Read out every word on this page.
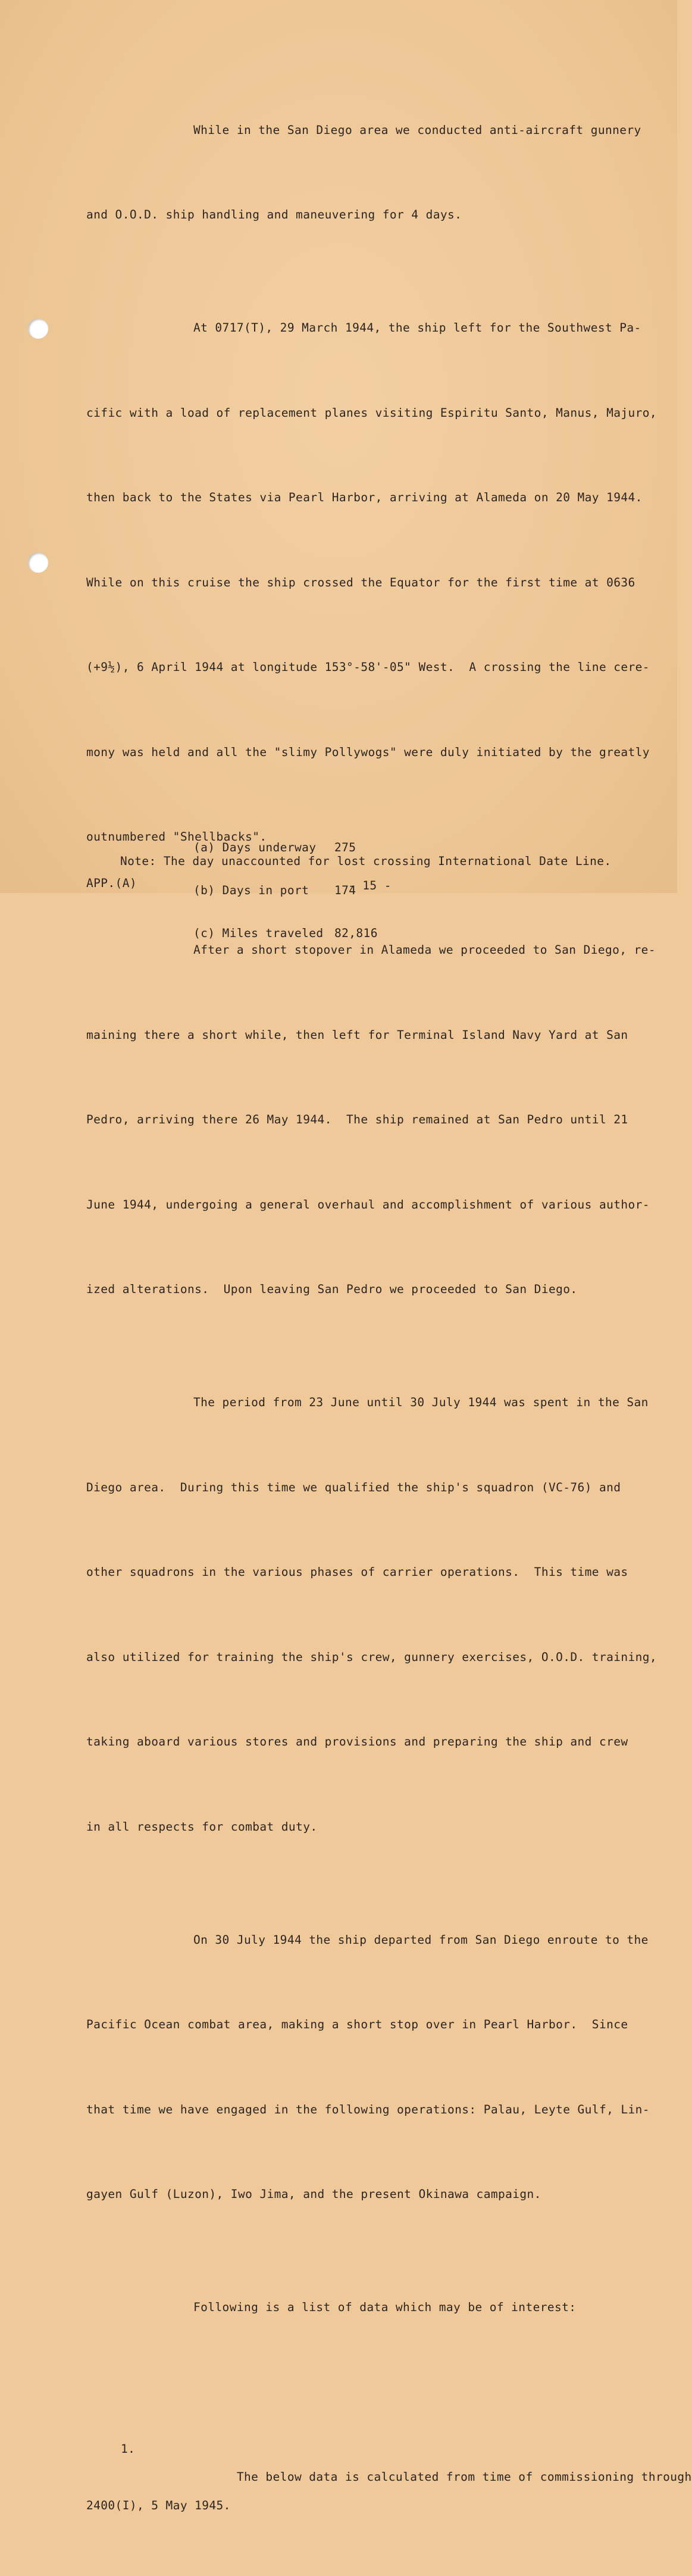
While in the San Diego area we conducted anti-aircraft gunnery

and O.O.D. ship handling and maneuvering for 4 days.

At 0717(T), 29 March 1944, the ship left for the Southwest Pa-

cific with a load of replacement planes visiting Espiritu Santo, Manus, Majuro,

then back to the States via Pearl Harbor, arriving at Alameda on 20 May 1944.

While on this cruise the ship crossed the Equator for the first time at 0636

(+9½), 6 April 1944 at longitude 153°-58'-05" West.  A crossing the line cere-

mony was held and all the "slimy Pollywogs" were duly initiated by the greatly

outnumbered "Shellbacks".

After a short stopover in Alameda we proceeded to San Diego, re-

maining there a short while, then left for Terminal Island Navy Yard at San

Pedro, arriving there 26 May 1944.  The ship remained at San Pedro until 21

June 1944, undergoing a general overhaul and accomplishment of various author-

ized alterations.  Upon leaving San Pedro we proceeded to San Diego.

The period from 23 June until 30 July 1944 was spent in the San

Diego area.  During this time we qualified the ship's squadron (VC-76) and

other squadrons in the various phases of carrier operations.  This time was

also utilized for training the ship's crew, gunnery exercises, O.O.D. training,

taking aboard various stores and provisions and preparing the ship and crew

in all respects for combat duty.

On 30 July 1944 the ship departed from San Diego enroute to the

Pacific Ocean combat area, making a short stop over in Pearl Harbor.  Since

that time we have engaged in the following operations: Palau, Leyte Gulf, Lin-

gayen Gulf (Luzon), Iwo Jima, and the present Okinawa campaign.

Following is a list of data which may be of interest:

1.

The below data is calculated from time of commissioning through

2400(I), 5 May 1945.

(a) Days underway 275

(b) Days in port 174

(c) Miles traveled 82,816

Note: The day unaccounted for lost crossing International Date Line.
APP.(A)	- 15 -
